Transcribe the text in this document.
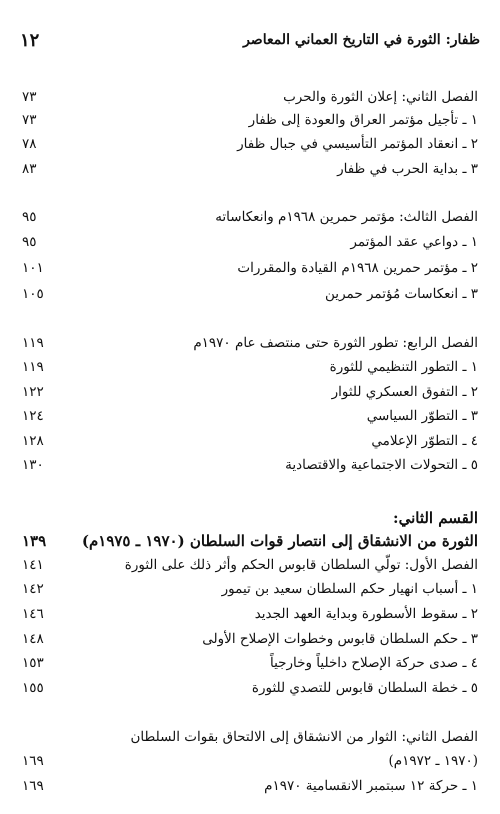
١٢	ظفار: الثورة في التاريخ العماني المعاصر
٧٣	الفصل الثاني: إعلان الثورة والحرب
٧٣	١ ـ تأجيل مؤتمر العراق والعودة إلى ظفار
٧٨	٢ ـ انعقاد المؤتمر التأسيسي في جبال ظفار
٨٣	٣ ـ بداية الحرب في ظفار
٩٥	الفصل الثالث: مؤتمر حمرين ١٩٦٨م وانعكاساته
٩٥	١ ـ دواعي عقد المؤتمر
١٠١	٢ ـ مؤتمر حمرين ١٩٦٨م القيادة والمقررات
١٠٥	٣ ـ انعكاسات مُؤتمر حمرين
١١٩	الفصل الرابع: تطور الثورة حتى منتصف عام ١٩٧٠م
١١٩	١ ـ التطور التنظيمي للثورة
١٢٢	٢ ـ التفوق العسكري للثوار
١٢٤	٣ ـ التطوّر السياسي
١٢٨	٤ ـ التطوّر الإعلامي
١٣٠	٥ ـ التحولات الاجتماعية والاقتصادية
القسم الثاني:
١٣٩	الثورة من الانشقاق إلى انتصار قوات السلطان (١٩٧٠ ـ ١٩٧٥م)
١٤١	الفصل الأول: تولّي السلطان قابوس الحكم وأثر ذلك على الثورة
١٤٢	١ ـ أسباب انهيار حكم السلطان سعيد بن تيمور
١٤٦	٢ ـ سقوط الأسطورة وبداية العهد الجديد
١٤٨	٣ ـ حكم السلطان قابوس وخطوات الإصلاح الأولى
١٥٣	٤ ـ صدى حركة الإصلاح داخلياً وخارجياً
١٥٥	٥ ـ خطة السلطان قابوس للتصدي للثورة
الفصل الثاني: الثوار من الانشقاق إلى الالتحاق بقوات السلطان
١٦٩	(١٩٧٠ ـ ١٩٧٢م)
١٦٩	١ ـ حركة ١٢ سبتمبر الانقسامية ١٩٧٠م
